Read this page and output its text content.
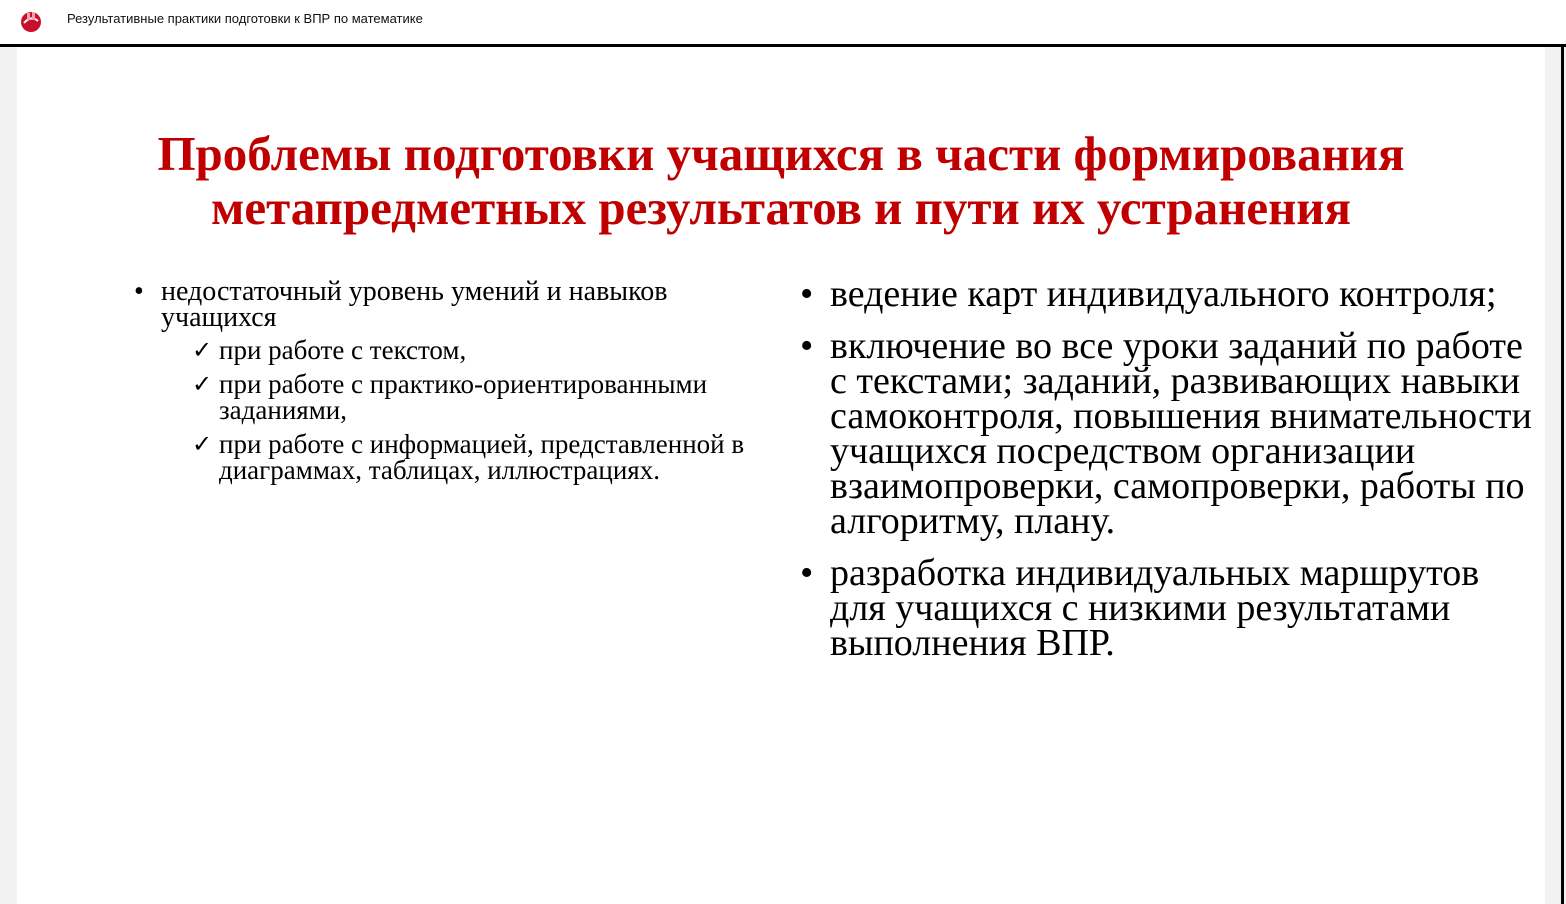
Результативные практики подготовки к ВПР по математике
Проблемы подготовки учащихся в части формирования
метапредметных результатов и пути их устранения
• недостаточный уровень умений и навыков учащихся
✓ при работе с текстом,
✓ при работе с практико-ориентированными заданиями,
✓ при работе с информацией, представленной в диаграммах, таблицах, иллюстрациях.
• ведение карт индивидуального контроля;
• включение во все уроки заданий по работе с текстами; заданий, развивающих навыки самоконтроля, повышения внимательности учащихся посредством организации взаимопроверки, самопроверки, работы по алгоритму, плану.
• разработка индивидуальных маршрутов для учащихся с низкими результатами выполнения ВПР.
